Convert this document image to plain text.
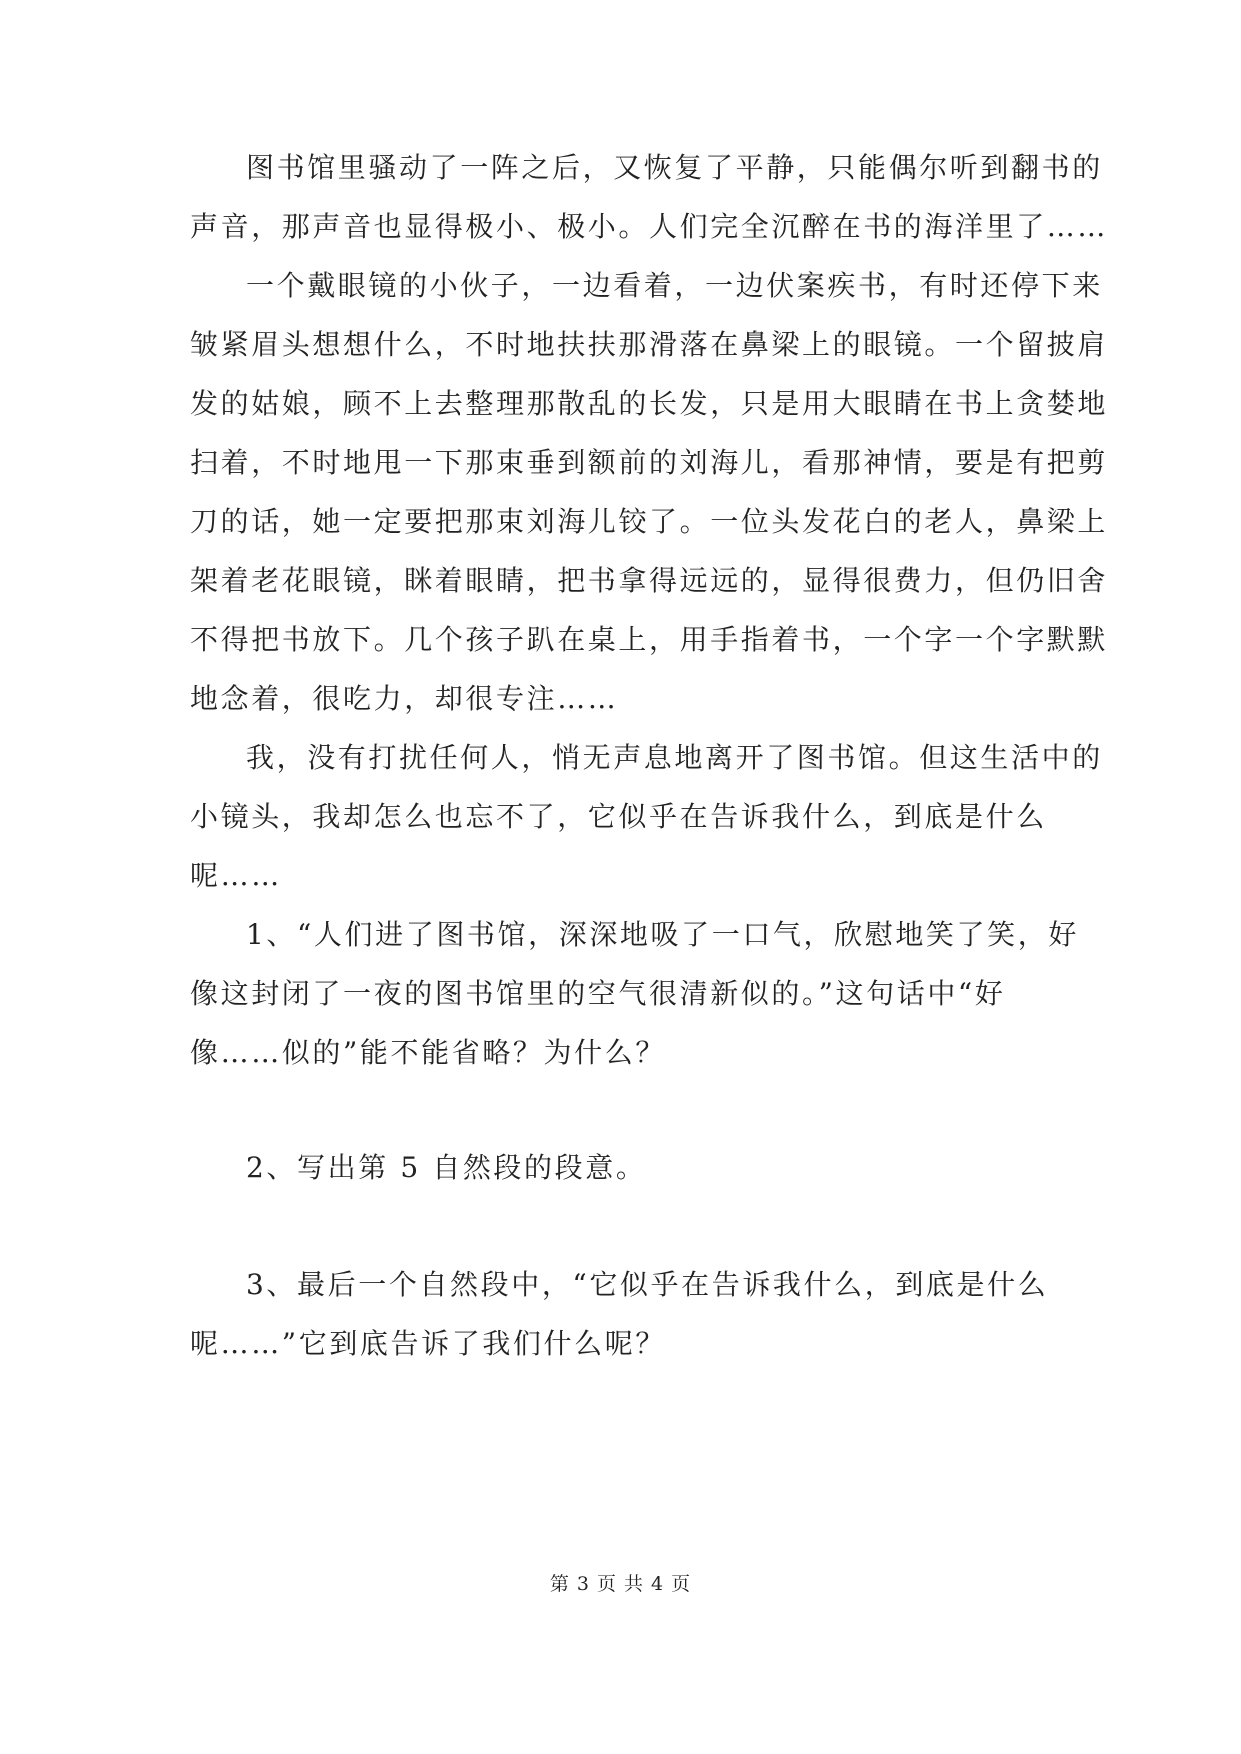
图书馆里骚动了一阵之后，又恢复了平静，只能偶尔听到翻书的
声音，那声音也显得极小、极小。人们完全沉醉在书的海洋里了……
一个戴眼镜的小伙子，一边看着，一边伏案疾书，有时还停下来
皱紧眉头想想什么，不时地扶扶那滑落在鼻梁上的眼镜。一个留披肩
发的姑娘，顾不上去整理那散乱的长发，只是用大眼睛在书上贪婪地
扫着，不时地甩一下那束垂到额前的刘海儿，看那神情，要是有把剪
刀的话，她一定要把那束刘海儿铰了。一位头发花白的老人，鼻梁上
架着老花眼镜，眯着眼睛，把书拿得远远的，显得很费力，但仍旧舍
不得把书放下。几个孩子趴在桌上，用手指着书，一个字一个字默默
地念着，很吃力，却很专注……
我，没有打扰任何人，悄无声息地离开了图书馆。但这生活中的
小镜头，我却怎么也忘不了，它似乎在告诉我什么，到底是什么
呢……
1、“人们进了图书馆，深深地吸了一口气，欣慰地笑了笑，好
像这封闭了一夜的图书馆里的空气很清新似的。”这句话中“好
像……似的”能不能省略？为什么？
2、写出第 5 自然段的段意。
3、最后一个自然段中，“它似乎在告诉我什么，到底是什么
呢……”它到底告诉了我们什么呢？
第 3 页 共 4 页
